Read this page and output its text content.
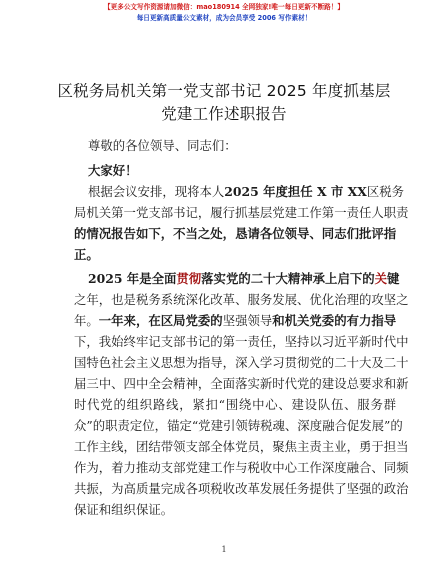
【更多公文写作资源请加微信：mao180914 全网独家!唯一每日更新不断路！】
每日更新高质量公文素材，成为会员享受 2006 写作素材！
区税务局机关第一党支部书记 2025 年度抓基层
党建工作述职报告
尊敬的各位领导、同志们：
大家好！
根据会议安排，现将本人2025 年度担任 X 市 XX区税务
局机关第一党支部书记，履行抓基层党建工作第一责任人职责
的情况报告如下，不当之处，恳请各位领导、同志们批评指
正。
2025 年是全面贯彻落实党的二十大精神承上启下的关键
之年，也是税务系统深化改革、服务发展、优化治理的攻坚之
年。一年来，在区局党委的坚强领导和机关党委的有力指导
下，我始终牢记支部书记的第一责任，坚持以习近平新时代中
国特色社会主义思想为指导，深入学习贯彻党的二十大及二十
届三中、四中全会精神，全面落实新时代党的建设总要求和新
时代党的组织路线，紧扣“围绕中心、建设队伍、服务群
众”的职责定位，锚定“党建引领铸税魂、深度融合促发展”的
工作主线，团结带领支部全体党员，聚焦主责主业，勇于担当
作为，着力推动支部党建工作与税收中心工作深度融合、同频
共振，为高质量完成各项税收改革发展任务提供了坚强的政治
保证和组织保证。
1
